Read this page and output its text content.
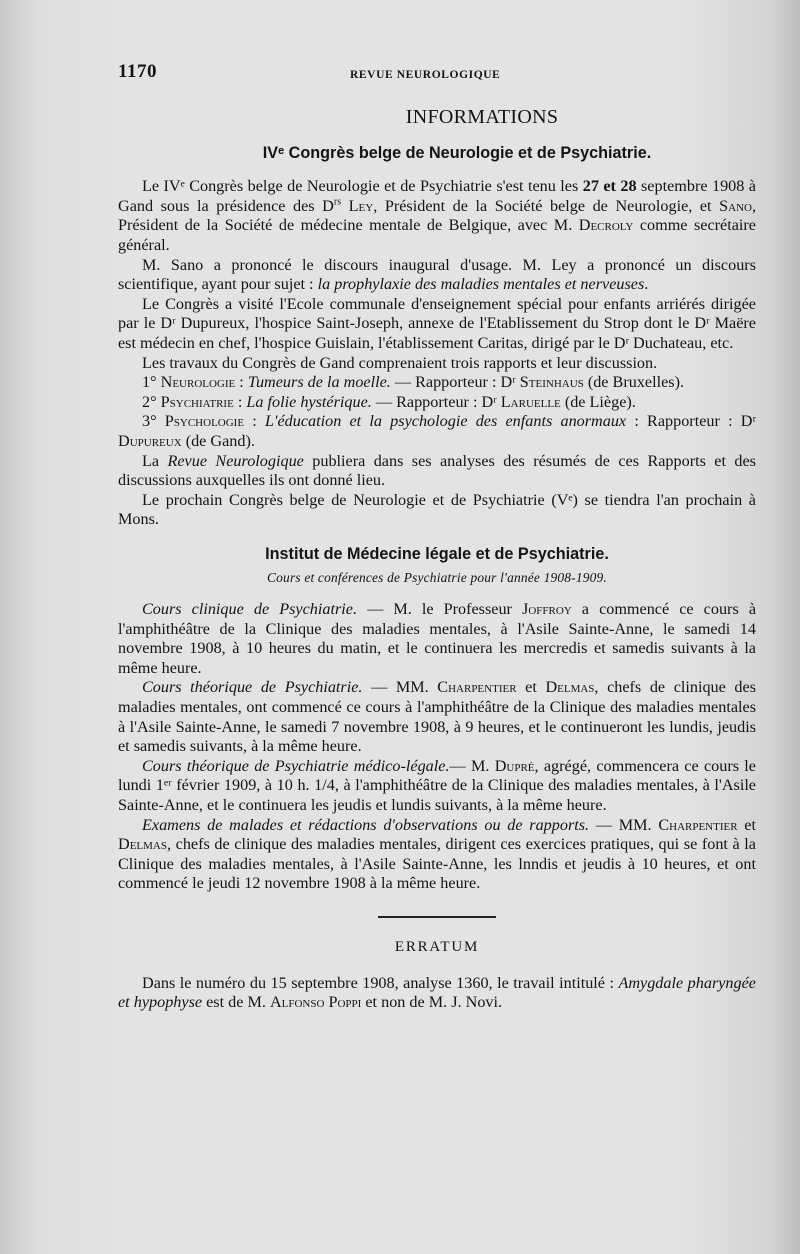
1170	REVUE NEUROLOGIQUE
INFORMATIONS
IVᵉ Congrès belge de Neurologie et de Psychiatrie.

Le IVᵉ Congrès belge de Neurologie et de Psychiatrie s'est tenu les 27 et 28 septembre 1908 à Gand sous la présidence des $D^{rs}$ Ley, Président de la Société belge de Neurologie, et Sano, Président de la Société de médecine mentale de Belgique, avec M. Decroly comme secrétaire général.

M. Sano a prononcé le discours inaugural d'usage. M. Ley a prononcé un discours scientifique, ayant pour sujet : la prophylaxie des maladies mentales et nerveuses.

Le Congrès a visité l'Ecole communale d'enseignement spécial pour enfants arriérés dirigée par le Dʳ Dupureux, l'hospice Saint-Joseph, annexe de l'Etablissement du Strop dont le Dʳ Maëre est médecin en chef, l'hospice Guislain, l'établissement Caritas, dirigé par le Dʳ Duchateau, etc.

Les travaux du Congrès de Gand comprenaient trois rapports et leur discussion.

1° Neurologie : Tumeurs de la moelle. — Rapporteur : Dʳ Steinhaus (de Bruxelles).

2° Psychiatrie : La folie hystérique. — Rapporteur : Dʳ Laruelle (de Liège).

3° Psychologie : L'éducation et la psychologie des enfants anormaux : Rapporteur : Dʳ Dupureux (de Gand).

La Revue Neurologique publiera dans ses analyses des résumés de ces Rapports et des discussions auxquelles ils ont donné lieu.

Le prochain Congrès belge de Neurologie et de Psychiatrie (Vᵉ) se tiendra l'an prochain à Mons.

Institut de Médecine légale et de Psychiatrie.
Cours et conférences de Psychiatrie pour l'année 1908-1909.

Cours clinique de Psychiatrie. — M. le Professeur Joffroy a commencé ce cours à l'amphithéâtre de la Clinique des maladies mentales, à l'Asile Sainte-Anne, le samedi 14 novembre 1908, à 10 heures du matin, et le continuera les mercredis et samedis suivants à la même heure.

Cours théorique de Psychiatrie. — MM. Charpentier et Delmas, chefs de clinique des maladies mentales, ont commencé ce cours à l'amphithéâtre de la Clinique des maladies mentales à l'Asile Sainte-Anne, le samedi 7 novembre 1908, à 9 heures, et le continueront les lundis, jeudis et samedis suivants, à la même heure.

Cours théorique de Psychiatrie médico-légale.— M. Dupré, agrégé, commencera ce cours le lundi 1ᵉʳ février 1909, à 10 h. 1/4, à l'amphithéâtre de la Clinique des maladies mentales, à l'Asile Sainte-Anne, et le continuera les jeudis et lundis suivants, à la même heure.

Examens de malades et rédactions d'observations ou de rapports. — MM. Charpentier et Delmas, chefs de clinique des maladies mentales, dirigent ces exercices pratiques, qui se font à la Clinique des maladies mentales, à l'Asile Sainte-Anne, les lnndis et jeudis à 10 heures, et ont commencé le jeudi 12 novembre 1908 à la même heure.

ERRATUM

Dans le numéro du 15 septembre 1908, analyse 1360, le travail intitulé : Amygdale pharyngée et hypophyse est de M. Alfonso Poppi et non de M. J. Novi.
